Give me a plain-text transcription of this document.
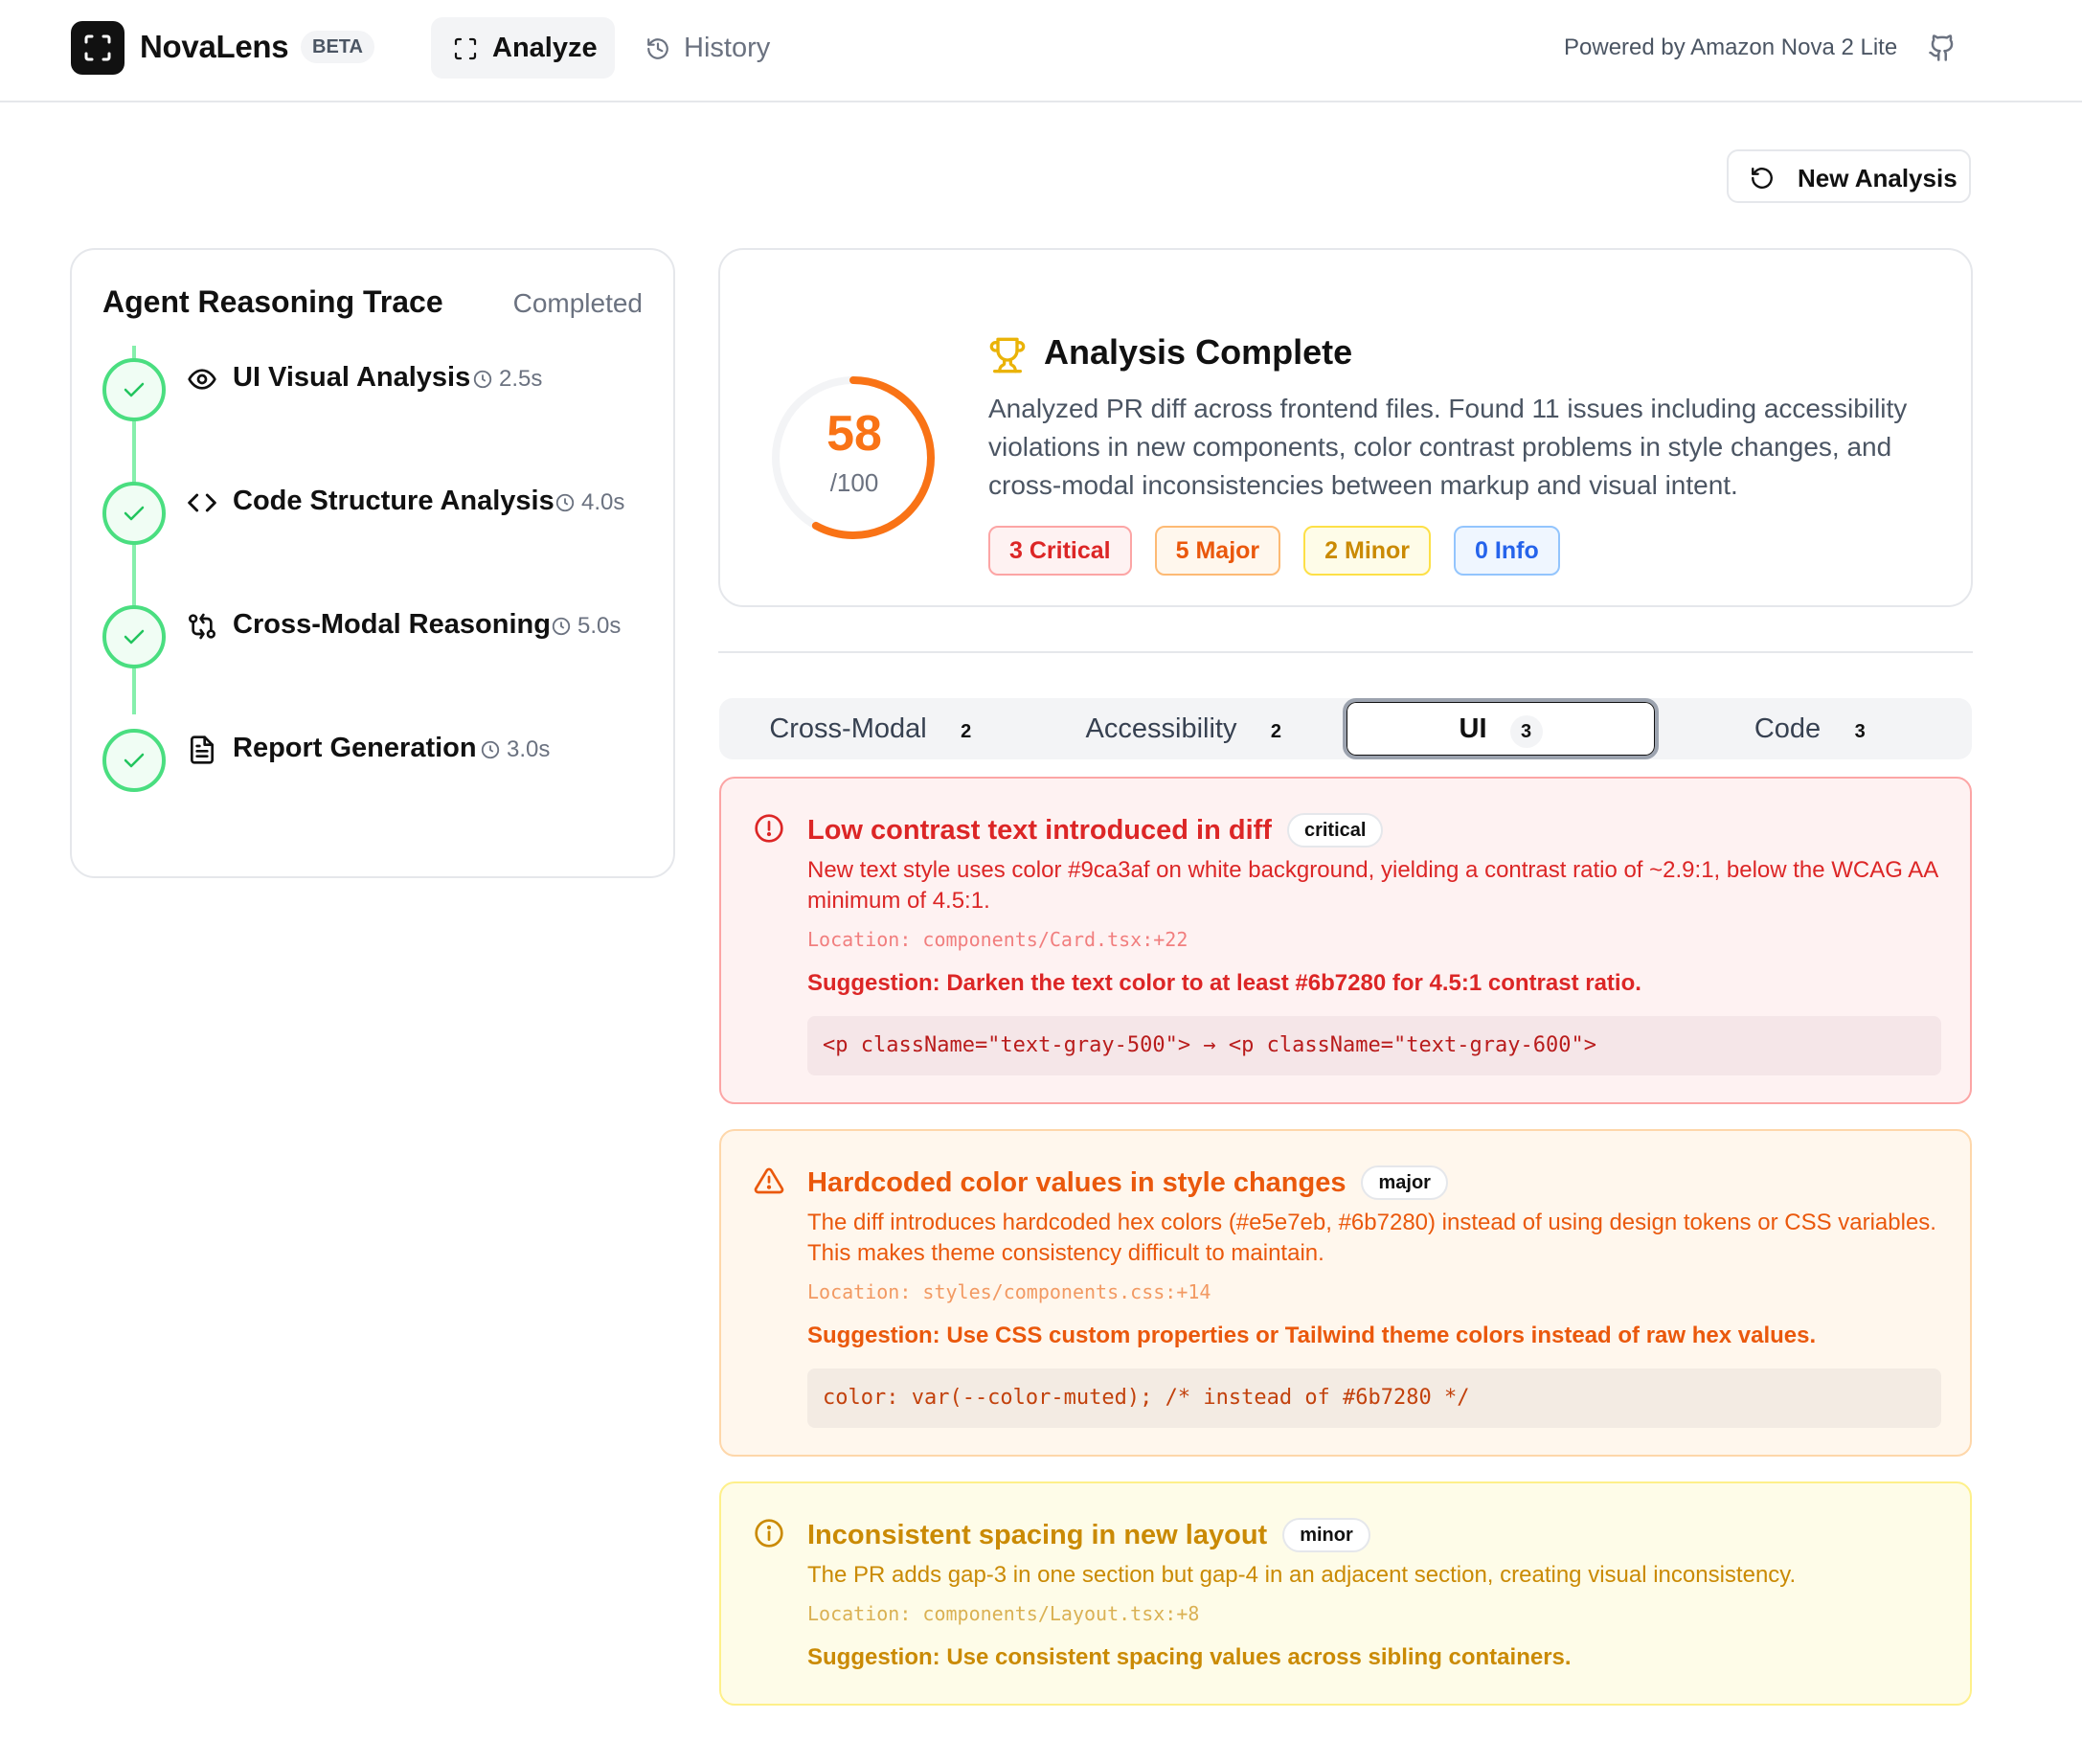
NovaLens	BETA	Analyze	History	Powered by Amazon Nova 2 Lite
New Analysis
Agent Reasoning Trace	Completed
UI Visual Analysis	2.5s
Code Structure Analysis	4.0s
Cross-Modal Reasoning	5.0s
Report Generation	3.0s
58
/100
Analysis Complete
Analyzed PR diff across frontend files. Found 11 issues including accessibility violations in new components, color contrast problems in style changes, and cross-modal inconsistencies between markup and visual intent.
3 Critical	5 Major	2 Minor	0 Info
Cross-Modal 2	Accessibility 2	UI 3	Code 3
Low contrast text introduced in diff critical
New text style uses color #9ca3af on white background, yielding a contrast ratio of ~2.9:1, below the WCAG AA minimum of 4.5:1.
Location: components/Card.tsx:+22
Suggestion: Darken the text color to at least #6b7280 for 4.5:1 contrast ratio.
<p className="text-gray-500"> → <p className="text-gray-600">
Hardcoded color values in style changes major
The diff introduces hardcoded hex colors (#e5e7eb, #6b7280) instead of using design tokens or CSS variables. This makes theme consistency difficult to maintain.
Location: styles/components.css:+14
Suggestion: Use CSS custom properties or Tailwind theme colors instead of raw hex values.
color: var(--color-muted); /* instead of #6b7280 */
Inconsistent spacing in new layout minor
The PR adds gap-3 in one section but gap-4 in an adjacent section, creating visual inconsistency.
Location: components/Layout.tsx:+8
Suggestion: Use consistent spacing values across sibling containers.
